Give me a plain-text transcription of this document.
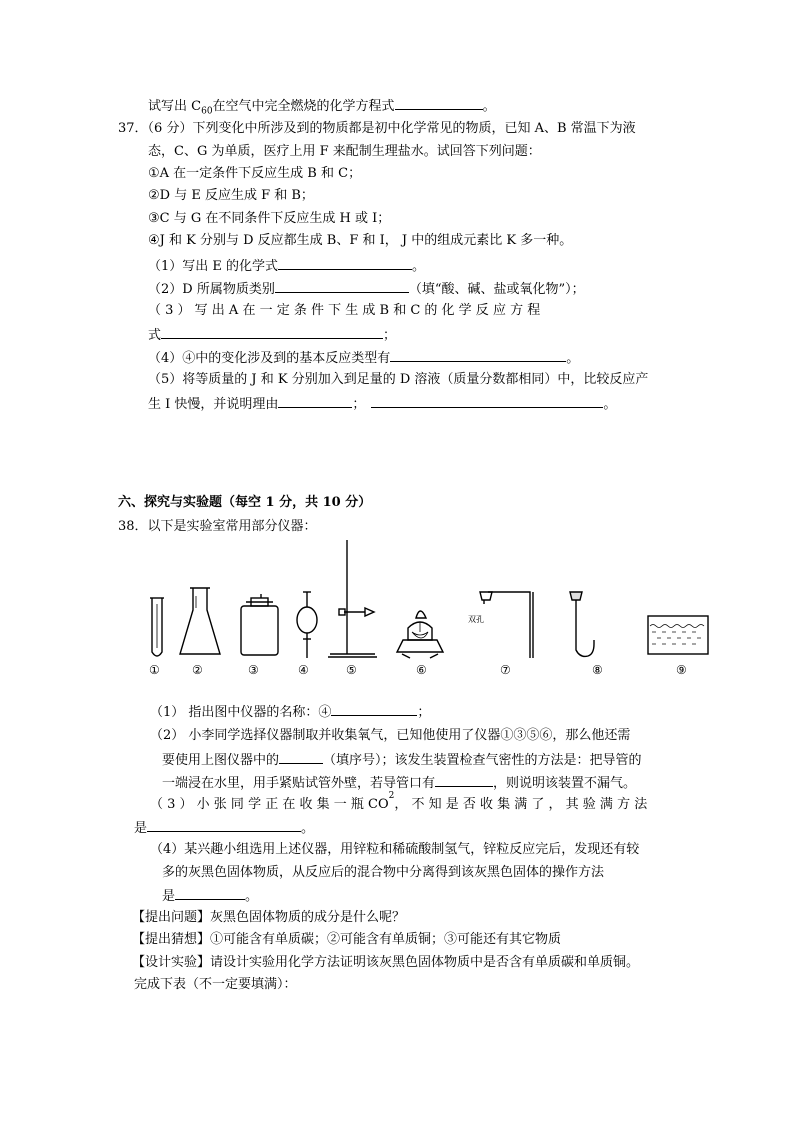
试写出 $C_{60}$在空气中完全燃烧的化学方程式	。
37．（6 分）下列变化中所涉及到的物质都是初中化学常见的物质，已知 A、B 常温下为液
态，C、G 为单质，医疗上用 F 来配制生理盐水。试回答下列问题：
①A 在一定条件下反应生成 B 和 C；
②D 与 E 反应生成 F 和 B；
③C 与 G 在不同条件下反应生成 H 或 I；
④J 和 K 分别与 D 反应都生成 B、F 和 I， J 中的组成元素比 K 多一种。
（1）写出 E 的化学式	。
（2）D 所属物质类别	（填“酸、碱、盐或氧化物”）；
（ 3 ） 写 出 A 在 一 定 条 件 下 生 成 B 和 C 的 化 学 反 应 方 程
式	；
（4）④中的变化涉及到的基本反应类型有	。
（5）将等质量的 J 和 K 分别加入到足量的 D 溶液（质量分数都相同）中，比较反应产
生 I 快慢，并说明理由	；	。
六、探究与实验题（每空 1 分，共 10 分）
38．以下是实验室常用部分仪器：
双孔
①	②	③	④	⑤	⑥	⑦	⑧	⑨
（1） 指出图中仪器的名称：④	；
（2） 小李同学选择仪器制取并收集氧气，已知他使用了仪器①③⑤⑥，那么他还需
要使用上图仪器中的	（填序号）；该发生装置检查气密性的方法是：把导管的
一端浸在水里，用手紧贴试管外壁，若导管口有	，则说明该装置不漏气。
（ 3 ） 小 张 同 学 正 在 收 集 一 瓶 CO
2
， 不 知 是 否 收 集 满 了 ， 其 验 满 方 法
是	。
（4）某兴趣小组选用上述仪器，用锌粒和稀硫酸制氢气，锌粒反应完后，发现还有较
多的灰黑色固体物质，从反应后的混合物中分离得到该灰黑色固体的操作方法
是	。
【提出问题】灰黑色固体物质的成分是什么呢？
【提出猜想】①可能含有单质碳；②可能含有单质铜；③可能还有其它物质
【设计实验】请设计实验用化学方法证明该灰黑色固体物质中是否含有单质碳和单质铜。
完成下表（不一定要填满）：
